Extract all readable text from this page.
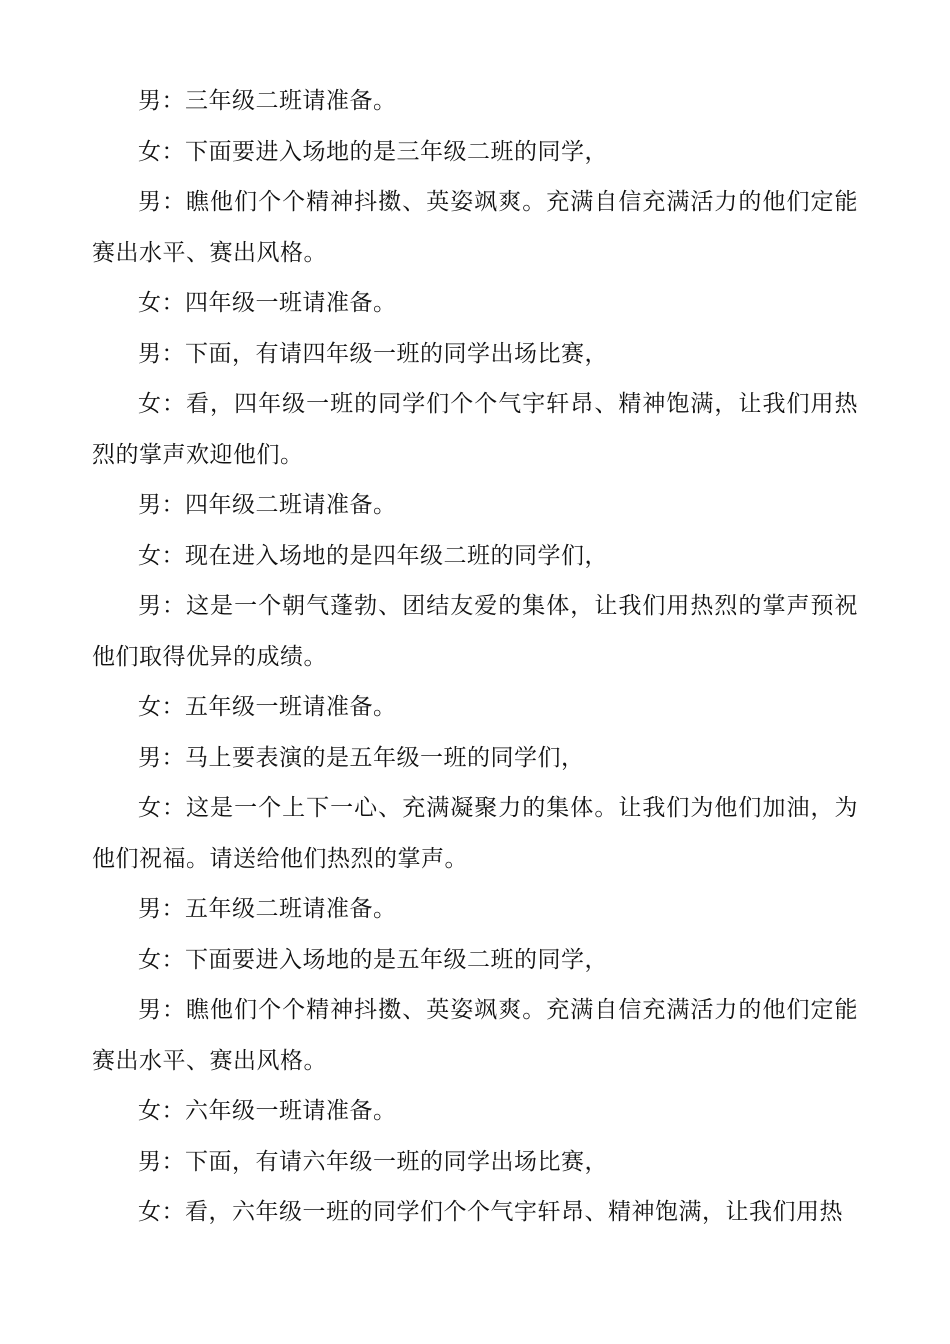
男：三年级二班请准备。

女：下面要进入场地的是三年级二班的同学，

男：瞧他们个个精神抖擞、英姿飒爽。充满自信充满活力的他们定能赛出水平、赛出风格。

女：四年级一班请准备。

男：下面，有请四年级一班的同学出场比赛，

女：看，四年级一班的同学们个个气宇轩昂、精神饱满，让我们用热烈的掌声欢迎他们。

男：四年级二班请准备。

女：现在进入场地的是四年级二班的同学们，

男：这是一个朝气蓬勃、团结友爱的集体，让我们用热烈的掌声预祝他们取得优异的成绩。

女：五年级一班请准备。

男：马上要表演的是五年级一班的同学们，

女：这是一个上下一心、充满凝聚力的集体。让我们为他们加油，为他们祝福。请送给他们热烈的掌声。

男：五年级二班请准备。

女：下面要进入场地的是五年级二班的同学，

男：瞧他们个个精神抖擞、英姿飒爽。充满自信充满活力的他们定能赛出水平、赛出风格。

女：六年级一班请准备。

男：下面，有请六年级一班的同学出场比赛，

女：看，六年级一班的同学们个个气宇轩昂、精神饱满，让我们用热
